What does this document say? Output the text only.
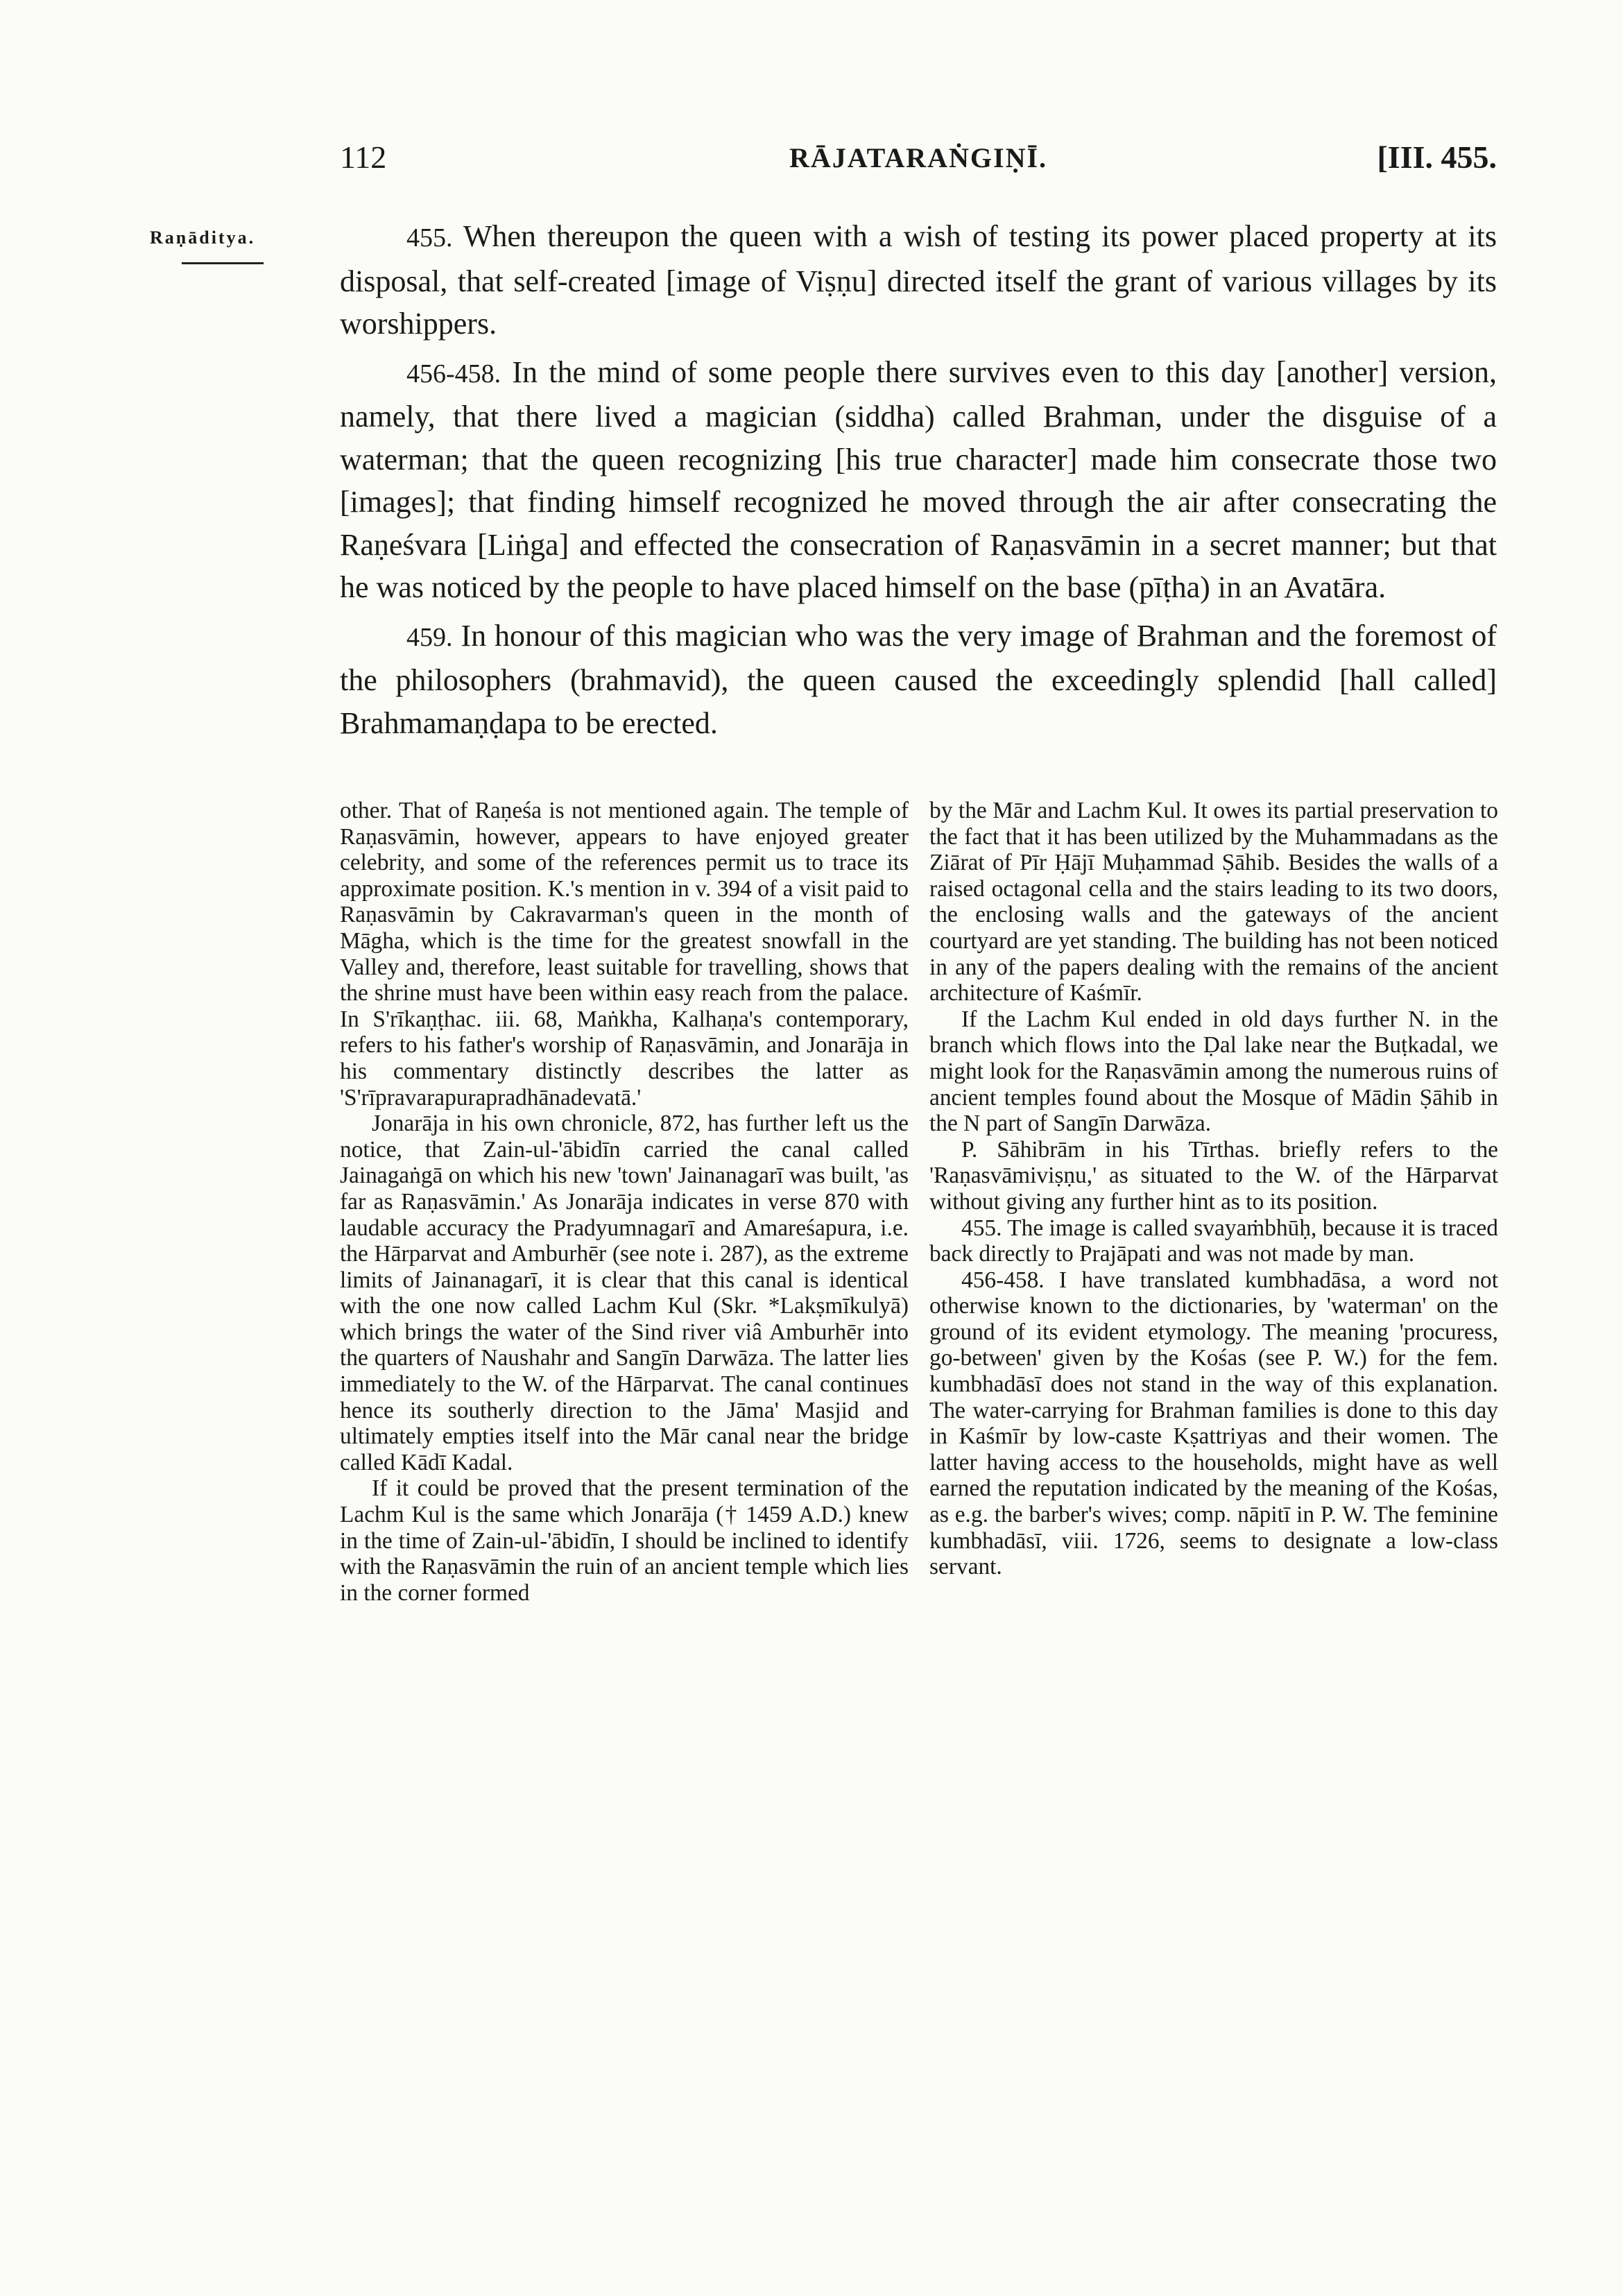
112	RĀJATARAṄGIṆĪ.	[III. 455.
Raṇāditya.	455. When thereupon the queen with a wish of testing its power placed property at its disposal, that self-created [image of Viṣṇu] directed itself the grant of various villages by its worshippers.

456-458. In the mind of some people there survives even to this day [another] version, namely, that there lived a magician (siddha) called Brahman, under the disguise of a waterman; that the queen recognizing [his true character] made him consecrate those two [images]; that finding himself recognized he moved through the air after consecrating the Raṇeśvara [Liṅga] and effected the consecration of Raṇasvāmin in a secret manner; but that he was noticed by the people to have placed himself on the base (pīṭha) in an Avatāra.

459. In honour of this magician who was the very image of Brahman and the foremost of the philosophers (brahmavid), the queen caused the exceedingly splendid [hall called] Brahmamaṇḍapa to be erected.

other. That of Raṇeśa is not mentioned again. The temple of Raṇasvāmin, however, appears to have enjoyed greater celebrity, and some of the references permit us to trace its approximate position. K.'s mention in v. 394 of a visit paid to Raṇasvāmin by Cakravarman's queen in the month of Māgha, which is the time for the greatest snowfall in the Valley and, therefore, least suitable for travelling, shows that the shrine must have been within easy reach from the palace. In S'rīkaṇṭhac. iii. 68, Maṅkha, Kalhaṇa's contemporary, refers to his father's worship of Raṇasvāmin, and Jonarāja in his commentary distinctly describes the latter as 'S'rīpravarapurapradhānadevatā.'

Jonarāja in his own chronicle, 872, has further left us the notice, that Zain-ul-'ābidīn carried the canal called Jainagaṅgā on which his new 'town' Jainanagarī was built, 'as far as Raṇasvāmin.' As Jonarāja indicates in verse 870 with laudable accuracy the Pradyumnagarī and Amareśapura, i.e. the Hārparvat and Amburhēr (see note i. 287), as the extreme limits of Jainanagarī, it is clear that this canal is identical with the one now called Lachm Kul (Skr. *Lakṣmīkulyā) which brings the water of the Sind river viâ Amburhēr into the quarters of Naushahr and Sangīn Darwāza. The latter lies immediately to the W. of the Hārparvat. The canal continues hence its southerly direction to the Jāma' Masjid and ultimately empties itself into the Mār canal near the bridge called Kādī Kadal.

If it could be proved that the present termination of the Lachm Kul is the same which Jonarāja († 1459 A.D.) knew in the time of Zain-ul-'ābidīn, I should be inclined to identify with the Raṇasvāmin the ruin of an ancient temple which lies in the corner formed

by the Mār and Lachm Kul. It owes its partial preservation to the fact that it has been utilized by the Muhammadans as the Ziārat of Pīr Ḥājī Muḥammad Ṣāhib. Besides the walls of a raised octagonal cella and the stairs leading to its two doors, the enclosing walls and the gateways of the ancient courtyard are yet standing. The building has not been noticed in any of the papers dealing with the remains of the ancient architecture of Kaśmīr.

If the Lachm Kul ended in old days further N. in the branch which flows into the Ḍal lake near the Buṭkadal, we might look for the Raṇasvāmin among the numerous ruins of ancient temples found about the Mosque of Mādin Ṣāhib in the N part of Sangīn Darwāza.

P. Sāhibrām in his Tīrthas. briefly refers to the 'Raṇasvāmiviṣṇu,' as situated to the W. of the Hārparvat without giving any further hint as to its position.

455. The image is called svayaṁbhūḥ, because it is traced back directly to Prajāpati and was not made by man.

456-458. I have translated kumbhadāsa, a word not otherwise known to the dictionaries, by 'waterman' on the ground of its evident etymology. The meaning 'procuress, go-between' given by the Kośas (see P. W.) for the fem. kumbhadāsī does not stand in the way of this explanation. The water-carrying for Brahman families is done to this day in Kaśmīr by low-caste Kṣattriyas and their women. The latter having access to the households, might have as well earned the reputation indicated by the meaning of the Kośas, as e.g. the barber's wives; comp. nāpitī in P. W. The feminine kumbhadāsī, viii. 1726, seems to designate a low-class servant.
